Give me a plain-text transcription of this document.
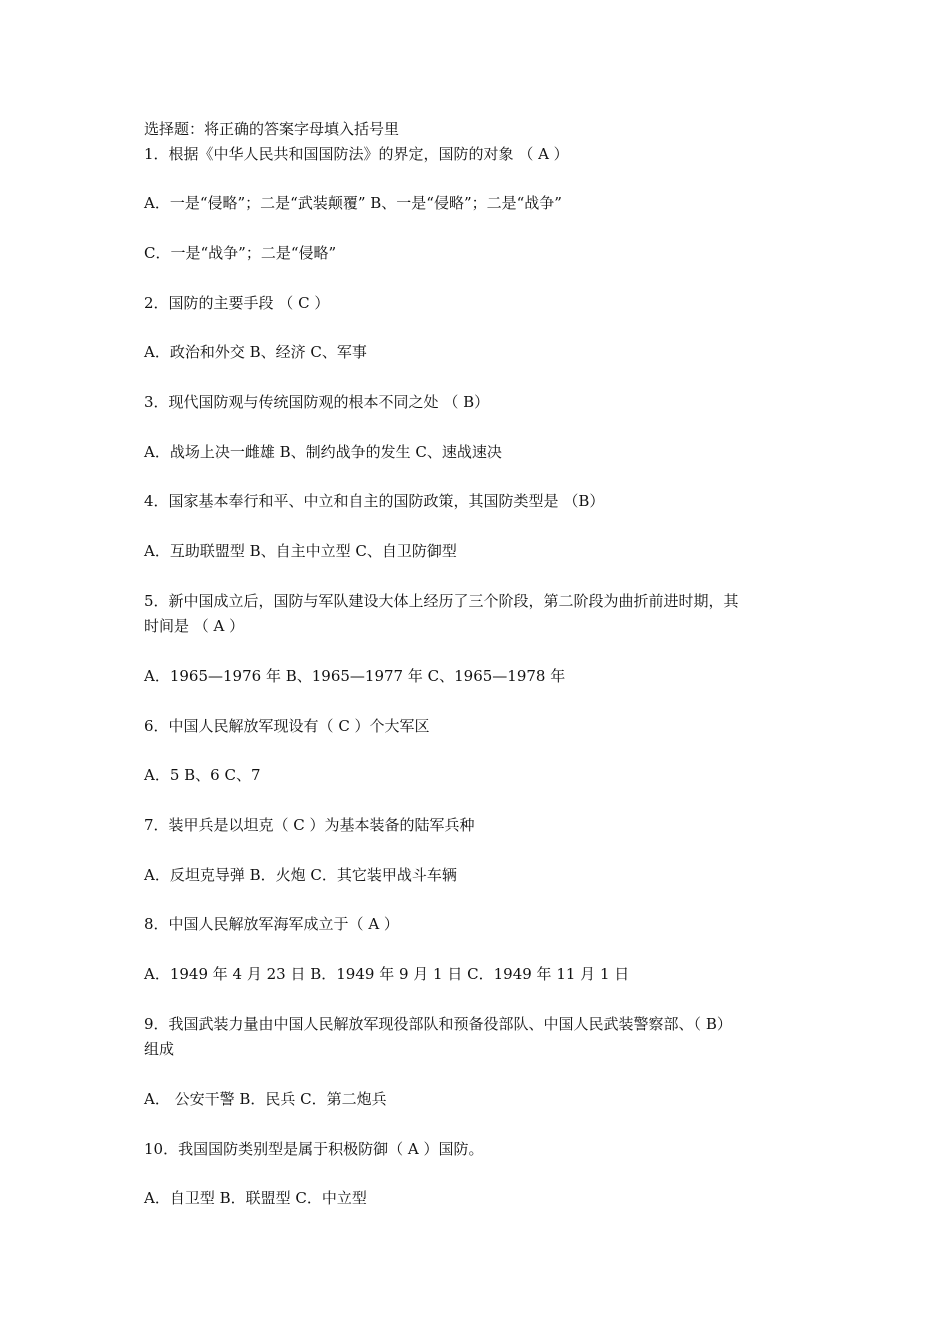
选择题：将正确的答案字母填入括号里
1．根据《中华人民共和国国防法》的界定，国防的对象 （ A ）
A．一是“侵略”；二是“武装颠覆” B、一是“侵略”；二是“战争”
C．一是“战争”；二是“侵略”
2．国防的主要手段 （ C ）
A．政治和外交 B、经济 C、军事
3．现代国防观与传统国防观的根本不同之处 （ B）
A．战场上决一雌雄 B、制约战争的发生 C、速战速决
4．国家基本奉行和平、中立和自主的国防政策，其国防类型是 （B）
A．互助联盟型 B、自主中立型 C、自卫防御型
5．新中国成立后，国防与军队建设大体上经历了三个阶段，第二阶段为曲折前进时期，其
时间是 （ A ）
A．1965—1976 年 B、1965—1977 年 C、1965—1978 年
6．中国人民解放军现设有（ C ）个大军区
A．5 B、6 C、7
7．装甲兵是以坦克（ C ）为基本装备的陆军兵种
A．反坦克导弹 B．火炮 C．其它装甲战斗车辆
8．中国人民解放军海军成立于（ A ）
A．1949 年 4 月 23 日 B．1949 年 9 月 1 日 C．1949 年 11 月 1 日
9．我国武装力量由中国人民解放军现役部队和预备役部队、中国人民武装警察部、（ B）
组成
A． 公安干警 B．民兵 C．第二炮兵
10．我国国防类别型是属于积极防御（ A ）国防。
A．自卫型 B．联盟型 C．中立型
